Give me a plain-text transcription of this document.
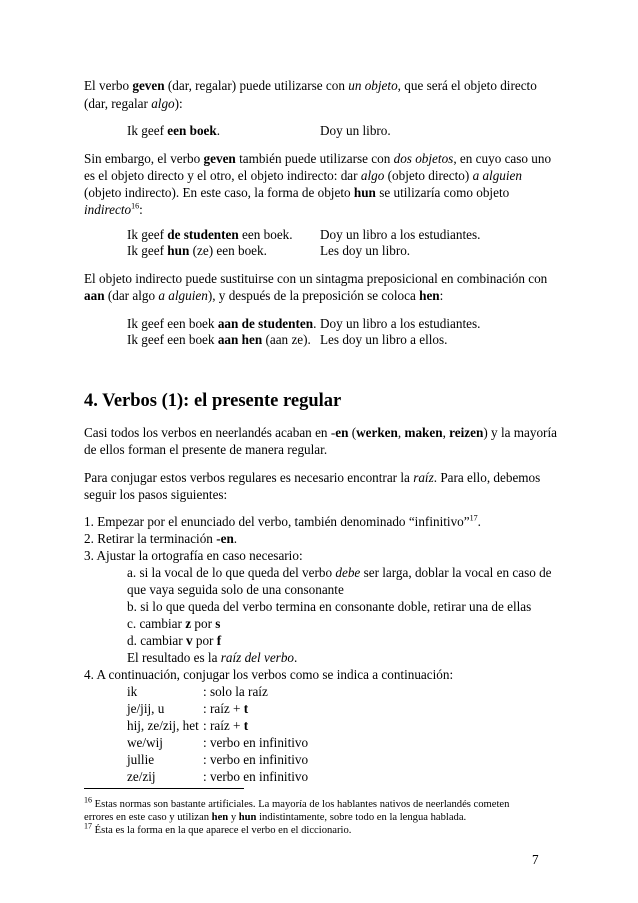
El verbo geven (dar, regalar) puede utilizarse con un objeto, que será el objeto directo
(dar, regalar algo):
Ik geef een boek.	Doy un libro.
Sin embargo, el verbo geven también puede utilizarse con dos objetos, en cuyo caso uno
es el objeto directo y el otro, el objeto indirecto: dar algo (objeto directo) a alguien
(objeto indirecto). En este caso, la forma de objeto hun se utilizaría como objeto
indirecto$^{16}$:
Ik geef de studenten een boek. Doy un libro a los estudiantes.
Ik geef hun (ze) een boek.	Les doy un libro.
El objeto indirecto puede sustituirse con un sintagma preposicional en combinación con
aan (dar algo a alguien), y después de la preposición se coloca hen:
Ik geef een boek aan de studenten. Doy un libro a los estudiantes.
Ik geef een boek aan hen (aan ze). Les doy un libro a ellos.
4. Verbos (1): el presente regular
Casi todos los verbos en neerlandés acaban en -en (werken, maken, reizen) y la mayoría
de ellos forman el presente de manera regular.
Para conjugar estos verbos regulares es necesario encontrar la raíz. Para ello, debemos
seguir los pasos siguientes:
1. Empezar por el enunciado del verbo, también denominado “infinitivo”$^{17}$.
2. Retirar la terminación -en.
3. Ajustar la ortografía en caso necesario:
a. si la vocal de lo que queda del verbo debe ser larga, doblar la vocal en caso de
que vaya seguida solo de una consonante
b. si lo que queda del verbo termina en consonante doble, retirar una de ellas
c. cambiar z por s
d. cambiar v por f
El resultado es la raíz del verbo.
4. A continuación, conjugar los verbos como se indica a continuación:
ik	: solo la raíz
je/jij, u	: raíz + t
hij, ze/zij, het : raíz + t
we/wij	: verbo en infinitivo
jullie	: verbo en infinitivo
ze/zij	: verbo en infinitivo
$^{16}$ Estas normas son bastante artificiales. La mayoría de los hablantes nativos de neerlandés cometen
errores en este caso y utilizan hen y hun indistintamente, sobre todo en la lengua hablada.
$^{17}$ Ésta es la forma en la que aparece el verbo en el diccionario.
7
